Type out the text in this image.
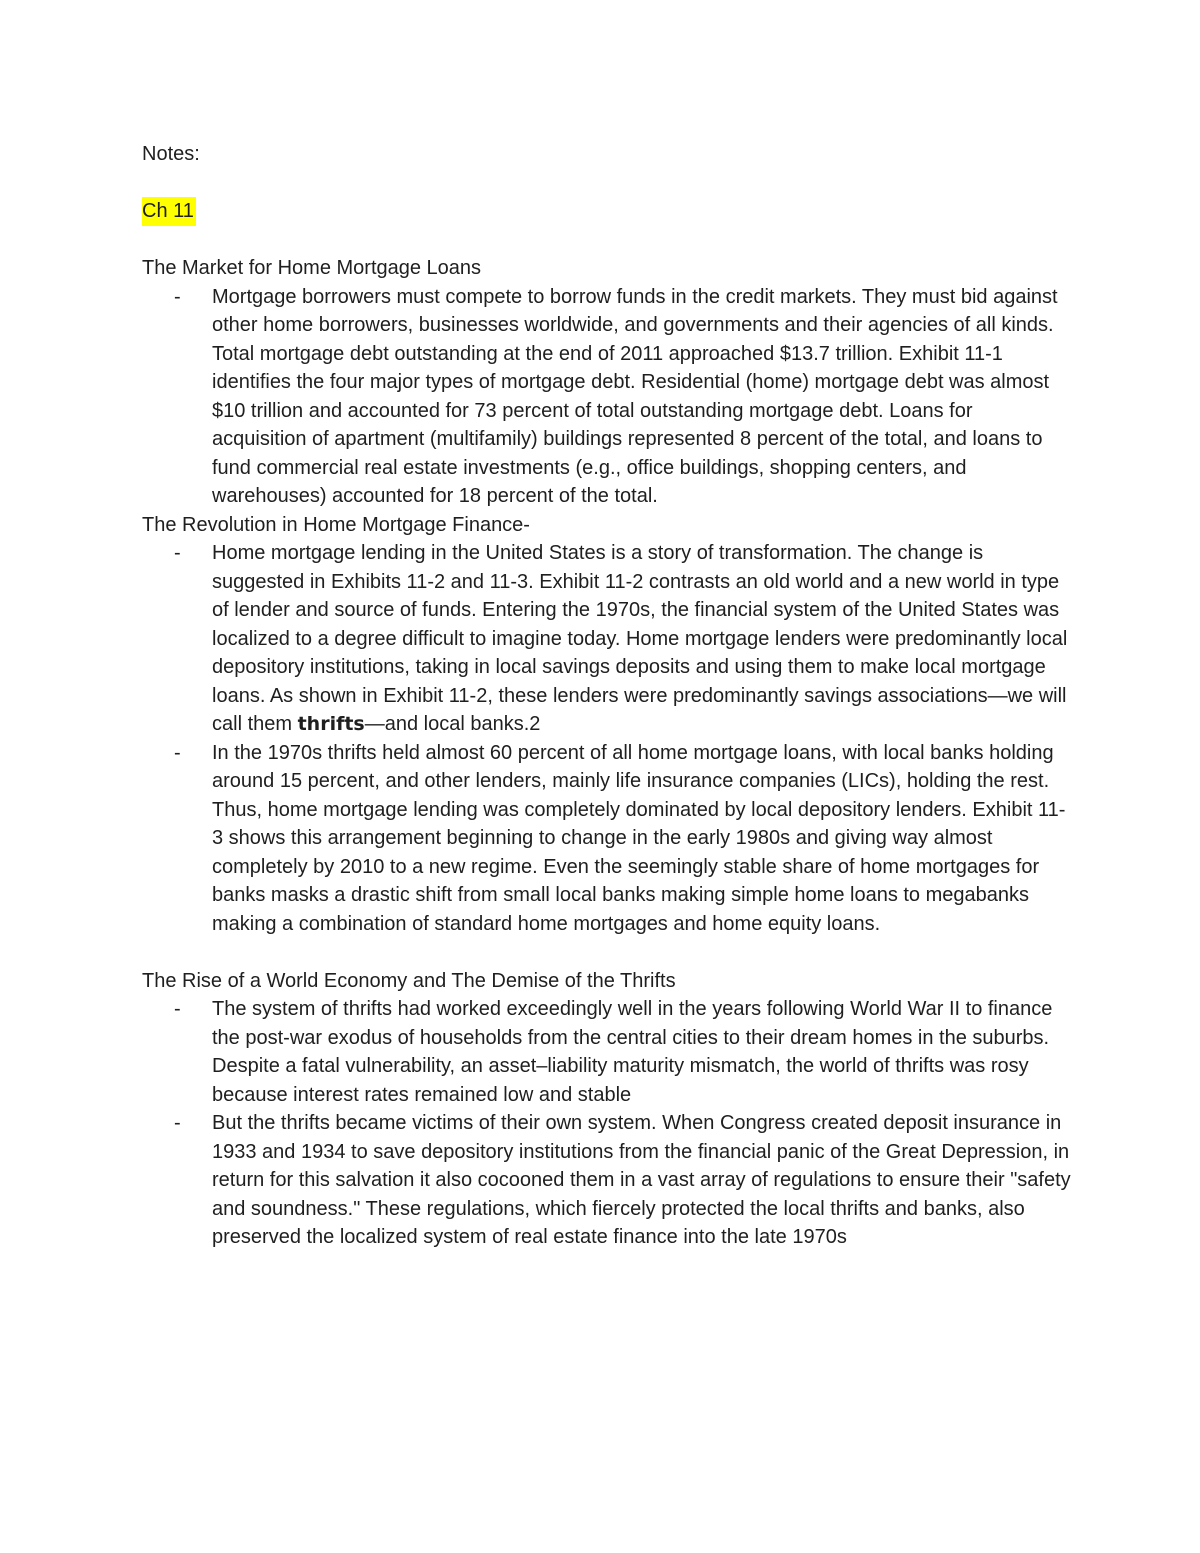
Notes:

Ch 11

The Market for Home Mortgage Loans

- Mortgage borrowers must compete to borrow funds in the credit markets. They must bid against other home borrowers, businesses worldwide, and governments and their agencies of all kinds. Total mortgage debt outstanding at the end of 2011 approached $13.7 trillion. Exhibit 11-1 identifies the four major types of mortgage debt. Residential (home) mortgage debt was almost $10 trillion and accounted for 73 percent of total outstanding mortgage debt. Loans for acquisition of apartment (multifamily) buildings represented 8 percent of the total, and loans to fund commercial real estate investments (e.g., office buildings, shopping centers, and warehouses) accounted for 18 percent of the total.

The Revolution in Home Mortgage Finance-

- Home mortgage lending in the United States is a story of transformation. The change is suggested in Exhibits 11-2 and 11-3. Exhibit 11-2 contrasts an old world and a new world in type of lender and source of funds. Entering the 1970s, the financial system of the United States was localized to a degree difficult to imagine today. Home mortgage lenders were predominantly local depository institutions, taking in local savings deposits and using them to make local mortgage loans. As shown in Exhibit 11-2, these lenders were predominantly savings associations—we will call them thrifts—and local banks.2
- In the 1970s thrifts held almost 60 percent of all home mortgage loans, with local banks holding around 15 percent, and other lenders, mainly life insurance companies (LICs), holding the rest. Thus, home mortgage lending was completely dominated by local depository lenders. Exhibit 11-3 shows this arrangement beginning to change in the early 1980s and giving way almost completely by 2010 to a new regime. Even the seemingly stable share of home mortgages for banks masks a drastic shift from small local banks making simple home loans to megabanks making a combination of standard home mortgages and home equity loans.

The Rise of a World Economy and The Demise of the Thrifts

- The system of thrifts had worked exceedingly well in the years following World War II to finance the post-war exodus of households from the central cities to their dream homes in the suburbs. Despite a fatal vulnerability, an asset–liability maturity mismatch, the world of thrifts was rosy because interest rates remained low and stable
- But the thrifts became victims of their own system. When Congress created deposit insurance in 1933 and 1934 to save depository institutions from the financial panic of the Great Depression, in return for this salvation it also cocooned them in a vast array of regulations to ensure their "safety and soundness." These regulations, which fiercely protected the local thrifts and banks, also preserved the localized system of real estate finance into the late 1970s
